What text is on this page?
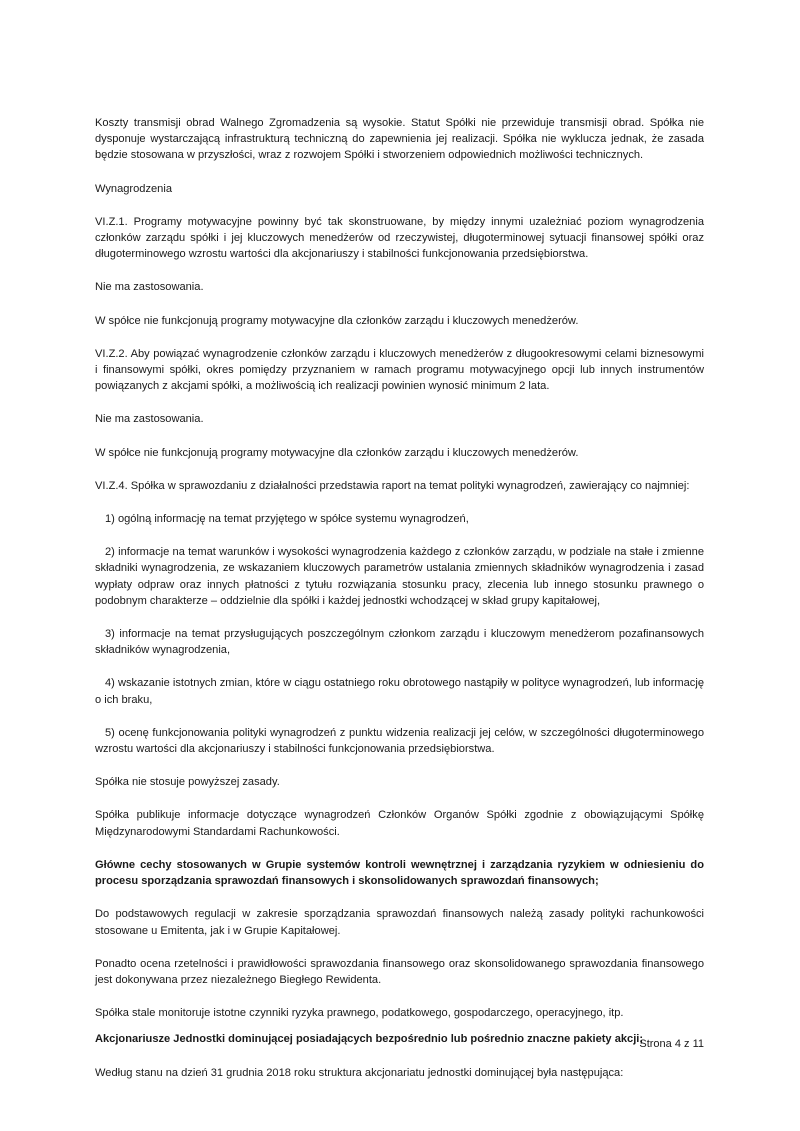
Koszty transmisji obrad Walnego Zgromadzenia są wysokie. Statut Spółki nie przewiduje transmisji obrad. Spółka nie dysponuje wystarczającą infrastrukturą techniczną do zapewnienia jej realizacji. Spółka nie wyklucza jednak, że zasada będzie stosowana w przyszłości, wraz z rozwojem Spółki i stworzeniem odpowiednich możliwości technicznych.

Wynagrodzenia

VI.Z.1. Programy motywacyjne powinny być tak skonstruowane, by między innymi uzależniać poziom wynagrodzenia członków zarządu spółki i jej kluczowych menedżerów od rzeczywistej, długoterminowej sytuacji finansowej spółki oraz długoterminowego wzrostu wartości dla akcjonariuszy i stabilności funkcjonowania przedsiębiorstwa.

Nie ma zastosowania.

W spółce nie funkcjonują programy motywacyjne dla członków zarządu i kluczowych menedżerów.

VI.Z.2. Aby powiązać wynagrodzenie członków zarządu i kluczowych menedżerów z długookresowymi celami biznesowymi i finansowymi spółki, okres pomiędzy przyznaniem w ramach programu motywacyjnego opcji lub innych instrumentów powiązanych z akcjami spółki, a możliwością ich realizacji powinien wynosić minimum 2 lata.

Nie ma zastosowania.

W spółce nie funkcjonują programy motywacyjne dla członków zarządu i kluczowych menedżerów.

VI.Z.4. Spółka w sprawozdaniu z działalności przedstawia raport na temat polityki wynagrodzeń, zawierający co najmniej:

1) ogólną informację na temat przyjętego w spółce systemu wynagrodzeń,

2) informacje na temat warunków i wysokości wynagrodzenia każdego z członków zarządu, w podziale na stałe i zmienne składniki wynagrodzenia, ze wskazaniem kluczowych parametrów ustalania zmiennych składników wynagrodzenia i zasad wypłaty odpraw oraz innych płatności z tytułu rozwiązania stosunku pracy, zlecenia lub innego stosunku prawnego o podobnym charakterze – oddzielnie dla spółki i każdej jednostki wchodzącej w skład grupy kapitałowej,

3) informacje na temat przysługujących poszczególnym członkom zarządu i kluczowym menedżerom pozafinansowych składników wynagrodzenia,

4) wskazanie istotnych zmian, które w ciągu ostatniego roku obrotowego nastąpiły w polityce wynagrodzeń, lub informację o ich braku,

5) ocenę funkcjonowania polityki wynagrodzeń z punktu widzenia realizacji jej celów, w szczególności długoterminowego wzrostu wartości dla akcjonariuszy i stabilności funkcjonowania przedsiębiorstwa.

Spółka nie stosuje powyższej zasady.

Spółka publikuje informacje dotyczące wynagrodzeń Członków Organów Spółki zgodnie z obowiązującymi Spółkę Międzynarodowymi Standardami Rachunkowości.

Główne cechy stosowanych w Grupie systemów kontroli wewnętrznej i zarządzania ryzykiem w odniesieniu do procesu sporządzania sprawozdań finansowych i skonsolidowanych sprawozdań finansowych;

Do podstawowych regulacji w zakresie sporządzania sprawozdań finansowych należą zasady polityki rachunkowości stosowane u Emitenta, jak i w Grupie Kapitałowej.

Ponadto ocena rzetelności i prawidłowości sprawozdania finansowego oraz skonsolidowanego sprawozdania finansowego jest dokonywana przez niezależnego Biegłego Rewidenta.

Spółka stale monitoruje istotne czynniki ryzyka prawnego, podatkowego, gospodarczego, operacyjnego, itp.

Akcjonariusze Jednostki dominującej posiadających bezpośrednio lub pośrednio znaczne pakiety akcji;

Według stanu na dzień 31 grudnia 2018 roku struktura akcjonariatu jednostki dominującej była następująca:

Strona 4 z 11
